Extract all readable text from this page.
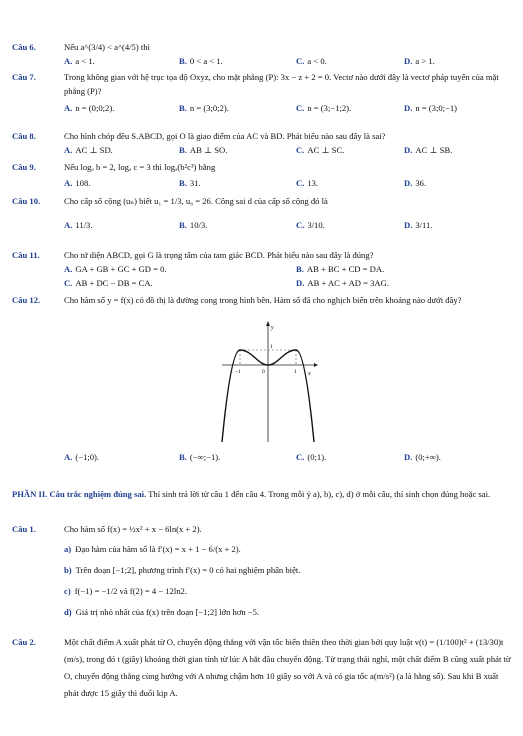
Câu 6.	Nếu a^(3/4) < a^(4/5) thì
A. a < 1.	B. 0 < a < 1.	C. a < 0.	D. a > 1.
Câu 7.	Trong không gian với hệ trục tọa độ Oxyz, cho mặt phẳng (P): 3x − z + 2 = 0. Vectơ nào dưới đây là vectơ pháp tuyến của mặt phẳng (P)?
A. n = (0;0;2).	B. n = (3;0;2).	C. n = (3;−1;2).	D. n = (3;0;−1)
Câu 8.	Cho hình chóp đều S.ABCD, gọi O là giao điểm của AC và BD. Phát biểu nào sau đây là sai?
A. AC ⊥ SD.	B. AB ⊥ SO.	C. AC ⊥ SC.	D. AC ⊥ SB.
Câu 9.	Nếu logₐ b = 2, logₐ c = 3 thì logₐ(b²c³) bằng
A. 108.	B. 31.	C. 13.	D. 36.
Câu 10.	Cho cấp số cộng (uₙ) biết u₁ = 1/3, u₈ = 26. Công sai d của cấp số cộng đó là
A. 11/3.	B. 10/3.	C. 3/10.	D. 3/11.
Câu 11.	Cho tứ diện ABCD, gọi G là trọng tâm của tam giác BCD. Phát biểu nào sau đây là đúng?
A. GA + GB + GC + GD = 0.	B. AB + BC + CD = DA.
C. AB + DC − DB = CA.	D. AB + AC + AD = 3AG.
Câu 12.	Cho hàm số y = f(x) có đồ thị là đường cong trong hình bên. Hàm số đã cho nghịch biến trên khoảng nào dưới đây?
y
x
−1	0	1
1
A. (−1;0).	B. (−∞;−1).	C. (0;1).	D. (0;+∞).
PHẦN II. Câu trắc nghiệm đúng sai. Thí sinh trả lời từ câu 1 đến câu 4. Trong mỗi ý a), b), c), d) ở mỗi câu, thí sinh chọn đúng hoặc sai.
Câu 1.	Cho hàm số f(x) = ½x² + x − 6ln(x + 2).
a) Đạo hàm của hàm số là f′(x) = x + 1 − 6/(x + 2).
b) Trên đoạn [−1;2], phương trình f′(x) = 0 có hai nghiệm phân biệt.
c) f(−1) = −1/2 và f(2) = 4 − 12ln2.
d) Giá trị nhỏ nhất của f(x) trên đoạn [−1;2] lớn hơn −5.
Câu 2.	Một chất điểm A xuất phát từ O, chuyển động thẳng với vận tốc biến thiên theo thời gian bởi quy luật v(t) = (1/100)t² + (13/30)t (m/s), trong đó t (giây) khoảng thời gian tính từ lúc A bắt đầu chuyển động. Từ trạng thái nghỉ, một chất điểm B cũng xuất phát từ O, chuyển động thẳng cùng hướng với A nhưng chậm hơn 10 giây so với A và có gia tốc a(m/s²) (a là hằng số). Sau khi B xuất phát được 15 giây thì đuổi kịp A.
